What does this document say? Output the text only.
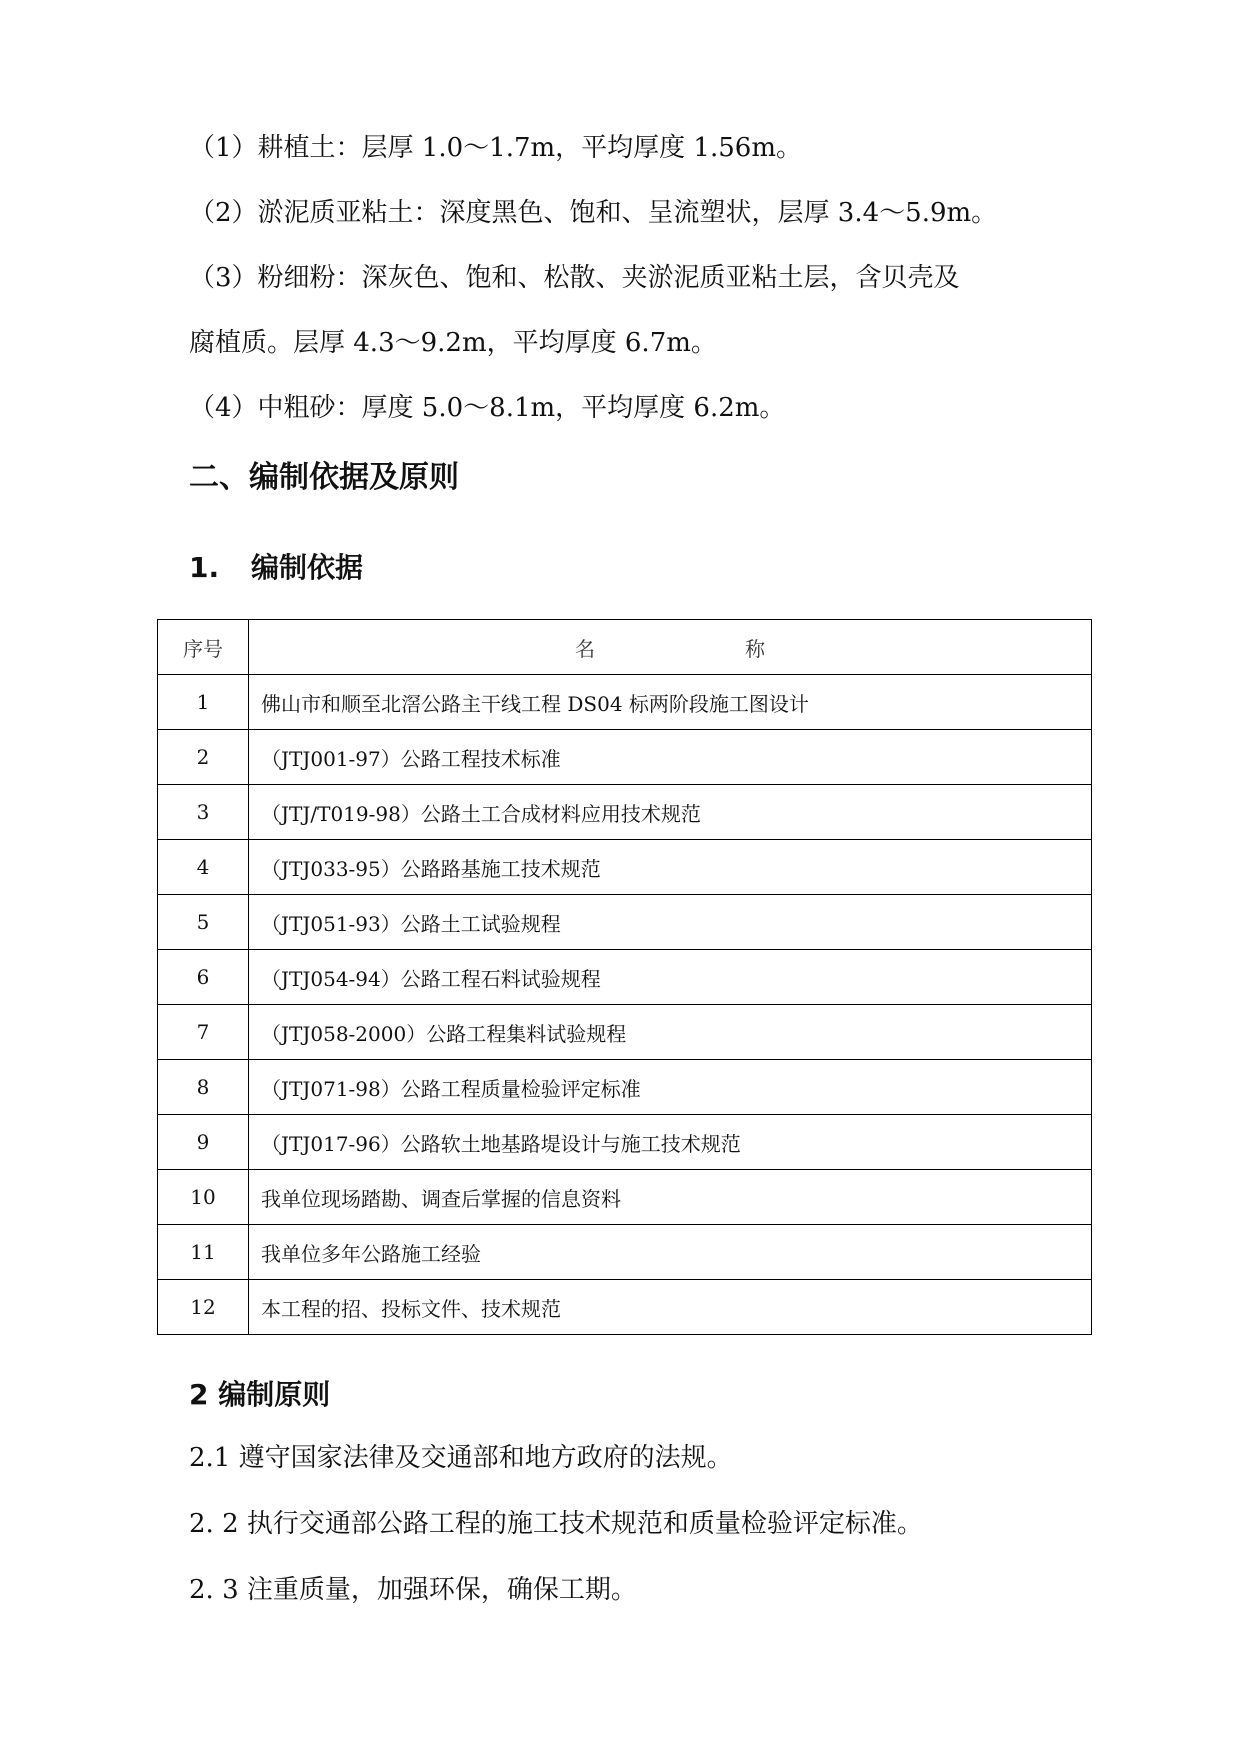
（1）耕植土：层厚 1.0～1.7m，平均厚度 1.56m。
（2）淤泥质亚粘土：深度黑色、饱和、呈流塑状，层厚 3.4～5.9m。
（3）粉细粉：深灰色、饱和、松散、夹淤泥质亚粘土层，含贝壳及
腐植质。层厚 4.3～9.2m，平均厚度 6.7m。
（4）中粗砂：厚度 5.0～8.1m，平均厚度 6.2m。
二、编制依据及原则
1. 编制依据
序号	名 称
1	佛山市和顺至北滘公路主干线工程 DS04 标两阶段施工图设计
2	（JTJ001-97）公路工程技术标准
3	（JTJ/T019-98）公路土工合成材料应用技术规范
4	（JTJ033-95）公路路基施工技术规范
5	（JTJ051-93）公路土工试验规程
6	（JTJ054-94）公路工程石料试验规程
7	（JTJ058-2000）公路工程集料试验规程
8	（JTJ071-98）公路工程质量检验评定标准
9	（JTJ017-96）公路软土地基路堤设计与施工技术规范
10	我单位现场踏勘、调查后掌握的信息资料
11	我单位多年公路施工经验
12	本工程的招、投标文件、技术规范
2 编制原则
2.1 遵守国家法律及交通部和地方政府的法规。
2. 2 执行交通部公路工程的施工技术规范和质量检验评定标准。
2. 3 注重质量，加强环保，确保工期。
